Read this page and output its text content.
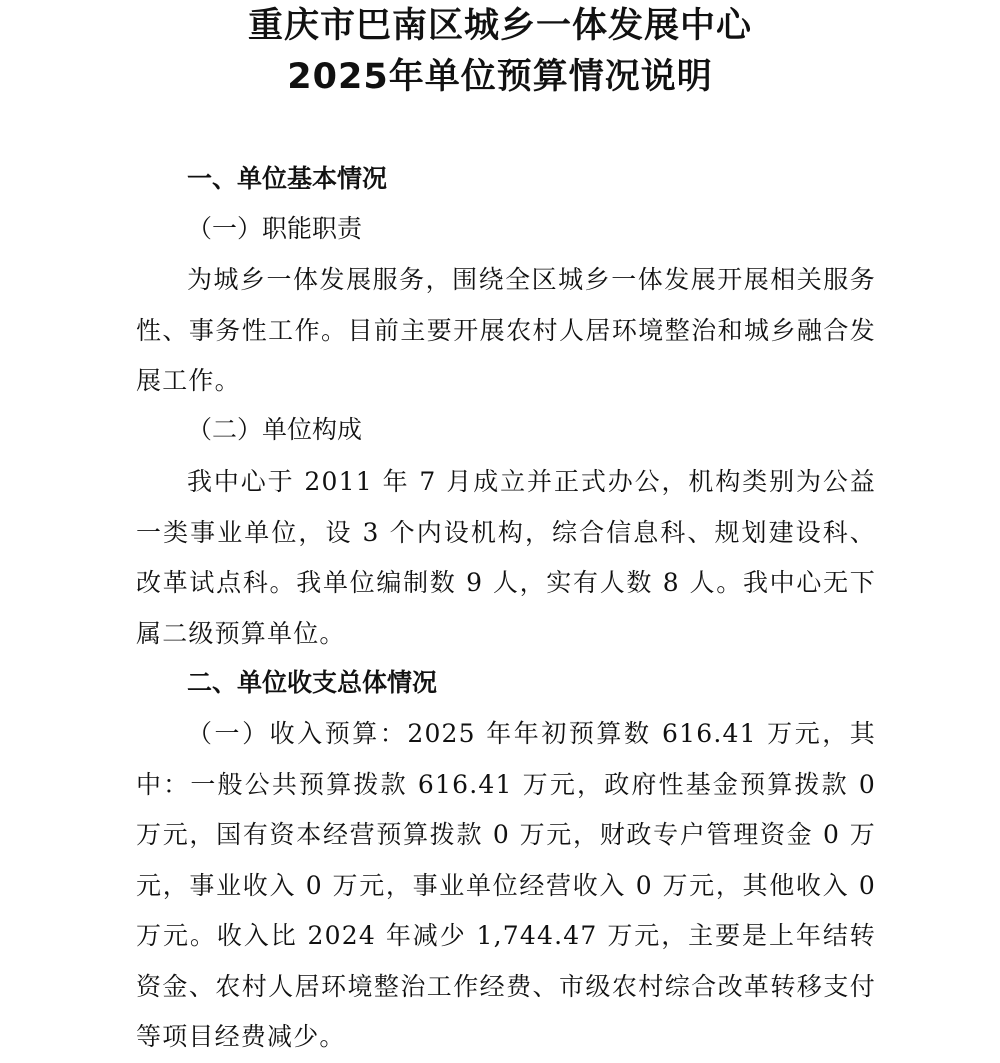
重庆市巴南区城乡一体发展中心
2025年单位预算情况说明
一、单位基本情况
（一）职能职责
为城乡一体发展服务，围绕全区城乡一体发展开展相关服务性、事务性工作。目前主要开展农村人居环境整治和城乡融合发展工作。
（二）单位构成
我中心于 2011 年 7 月成立并正式办公，机构类别为公益一类事业单位，设 3 个内设机构，综合信息科、规划建设科、改革试点科。我单位编制数 9 人，实有人数 8 人。我中心无下属二级预算单位。
二、单位收支总体情况
（一）收入预算：2025 年年初预算数 616.41 万元，其中：一般公共预算拨款 616.41 万元，政府性基金预算拨款 0 万元，国有资本经营预算拨款 0 万元，财政专户管理资金 0 万元，事业收入 0 万元，事业单位经营收入 0 万元，其他收入 0 万元。收入比 2024 年减少 1,744.47 万元，主要是上年结转资金、农村人居环境整治工作经费、市级农村综合改革转移支付等项目经费减少。
